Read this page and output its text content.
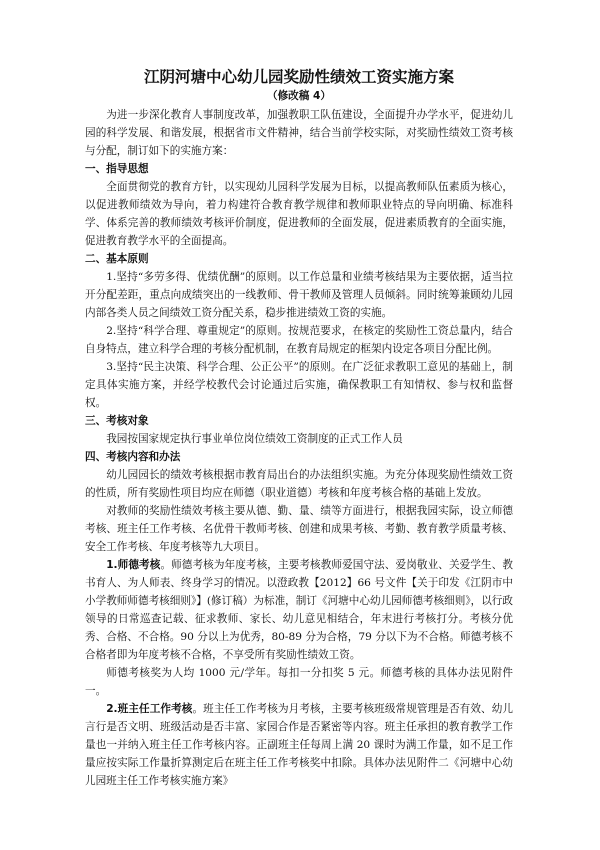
江阴河塘中心幼儿园奖励性绩效工资实施方案
（修改稿 4）

为进一步深化教育人事制度改革，加强教职工队伍建设，全面提升办学水平，促进幼儿园的科学发展、和谐发展，根据省市文件精神，结合当前学校实际，对奖励性绩效工资考核与分配，制订如下的实施方案：

一、指导思想

全面贯彻党的教育方针，以实现幼儿园科学发展为目标，以提高教师队伍素质为核心，以促进教师绩效为导向，着力构建符合教育教学规律和教师职业特点的导向明确、标准科学、体系完善的教师绩效考核评价制度，促进教师的全面发展，促进素质教育的全面实施，促进教育教学水平的全面提高。

二、基本原则

1.坚持“多劳多得、优绩优酬”的原则。以工作总量和业绩考核结果为主要依据，适当拉开分配差距，重点向成绩突出的一线教师、骨干教师及管理人员倾斜。同时统筹兼顾幼儿园内部各类人员之间绩效工资分配关系，稳步推进绩效工资的实施。

2.坚持“科学合理、尊重规定”的原则。按规范要求，在核定的奖励性工资总量内，结合自身特点，建立科学合理的考核分配机制，在教育局规定的框架内设定各项目分配比例。

3.坚持“民主决策、科学合理、公正公平”的原则。在广泛征求教职工意见的基础上，制定具体实施方案，并经学校教代会讨论通过后实施，确保教职工有知情权、参与权和监督权。

三、考核对象

我园按国家规定执行事业单位岗位绩效工资制度的正式工作人员

四、考核内容和办法

幼儿园园长的绩效考核根据市教育局出台的办法组织实施。为充分体现奖励性绩效工资的性质，所有奖励性项目均应在师德（职业道德）考核和年度考核合格的基础上发放。

对教师的奖励性绩效考核主要从德、勤、量、绩等方面进行，根据我园实际，设立师德考核、班主任工作考核、名优骨干教师考核、创建和成果考核、考勤、教育教学质量考核、安全工作考核、年度考核等九大项目。

1.师德考核。师德考核为年度考核，主要考核教师爱国守法、爱岗敬业、关爱学生、教书育人、为人师表、终身学习的情况。以澄政教【2012】66 号文件【关于印发《江阴市中小学教师师德考核细则》】(修订稿）为标准，制订《河塘中心幼儿园师德考核细则》，以行政领导的日常巡查记载、征求教师、家长、幼儿意见相结合，年末进行考核打分。考核分优秀、合格、不合格。90 分以上为优秀，80-89 分为合格，79 分以下为不合格。师德考核不合格者即为年度考核不合格，不享受所有奖励性绩效工资。

师德考核奖为人均 1000 元/学年。每扣一分扣奖 5 元。师德考核的具体办法见附件一。

2.班主任工作考核。班主任工作考核为月考核，主要考核班级常规管理是否有效、幼儿言行是否文明、班级活动是否丰富、家园合作是否紧密等内容。班主任承担的教育教学工作量也一并纳入班主任工作考核内容。正副班主任每周上满 20 课时为满工作量，如不足工作量应按实际工作量折算测定后在班主任工作考核奖中扣除。具体办法见附件二《河塘中心幼儿园班主任工作考核实施方案》
